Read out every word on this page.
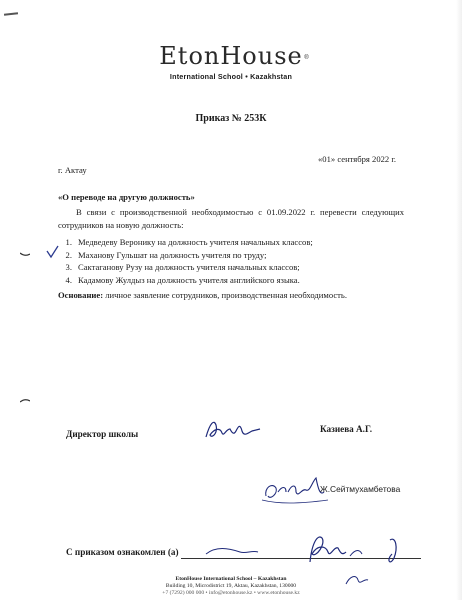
EtonHouse ®
International School • Kazakhstan
Приказ № 253К
«01» сентября 2022 г.
г. Актау
«О переводе на другую должность»
В связи с производственной необходимостью с 01.09.2022 г. перевести следующих сотрудников на новую должность:
1. Медведеву Веронику на должность учителя начальных классов;
2. Маханову Гульшат на должность учителя по труду;
3. Сактаганову Рузу на должность учителя начальных классов;
4. Кадамову Жулдыз на должность учителя английского языка.
Основание: личное заявление сотрудников, производственная необходимость.
Директор школы	Казиева А.Г.
Ж.Сейтмухамбетова
С приказом ознакомлен (а)
EtonHouse International School – Kazakhstan
Building 10, Microdistrict 19, Aktau, Kazakhstan, 130000
+7 (7292) 000 000 • info@etonhouse.kz • www.etonhouse.kz
